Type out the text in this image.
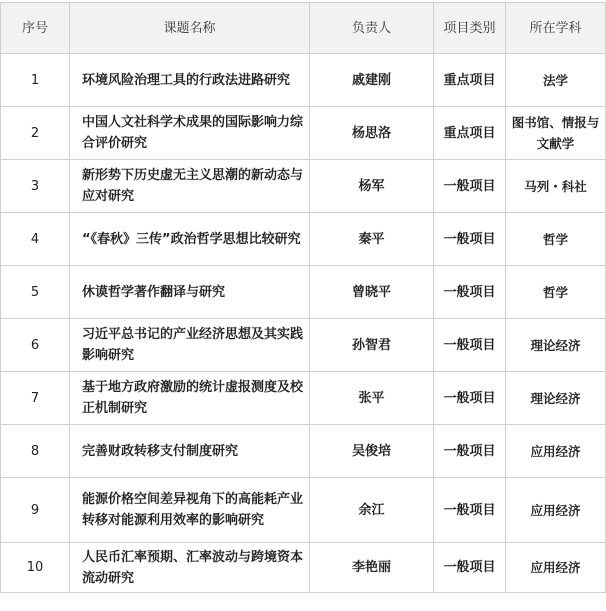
序号	课题名称	负责人	项目类别	所在学科
1	环境风险治理工具的行政法进路研究	戚建刚	重点项目	法学
2	中国人文社科学术成果的国际影响力综合评价研究	杨思洛	重点项目	图书馆、情报与文献学
3	新形势下历史虚无主义思潮的新动态与应对研究	杨军	一般项目	马列・科社
4	“《春秋》三传”政治哲学思想比较研究	秦平	一般项目	哲学
5	休谟哲学著作翻译与研究	曾晓平	一般项目	哲学
6	习近平总书记的产业经济思想及其实践影响研究	孙智君	一般项目	理论经济
7	基于地方政府激励的统计虚报测度及校正机制研究	张平	一般项目	理论经济
8	完善财政转移支付制度研究	吴俊培	一般项目	应用经济
9	能源价格空间差异视角下的高能耗产业转移对能源利用效率的影响研究	余江	一般项目	应用经济
10	人民币汇率预期、汇率波动与跨境资本流动研究	李艳丽	一般项目	应用经济
